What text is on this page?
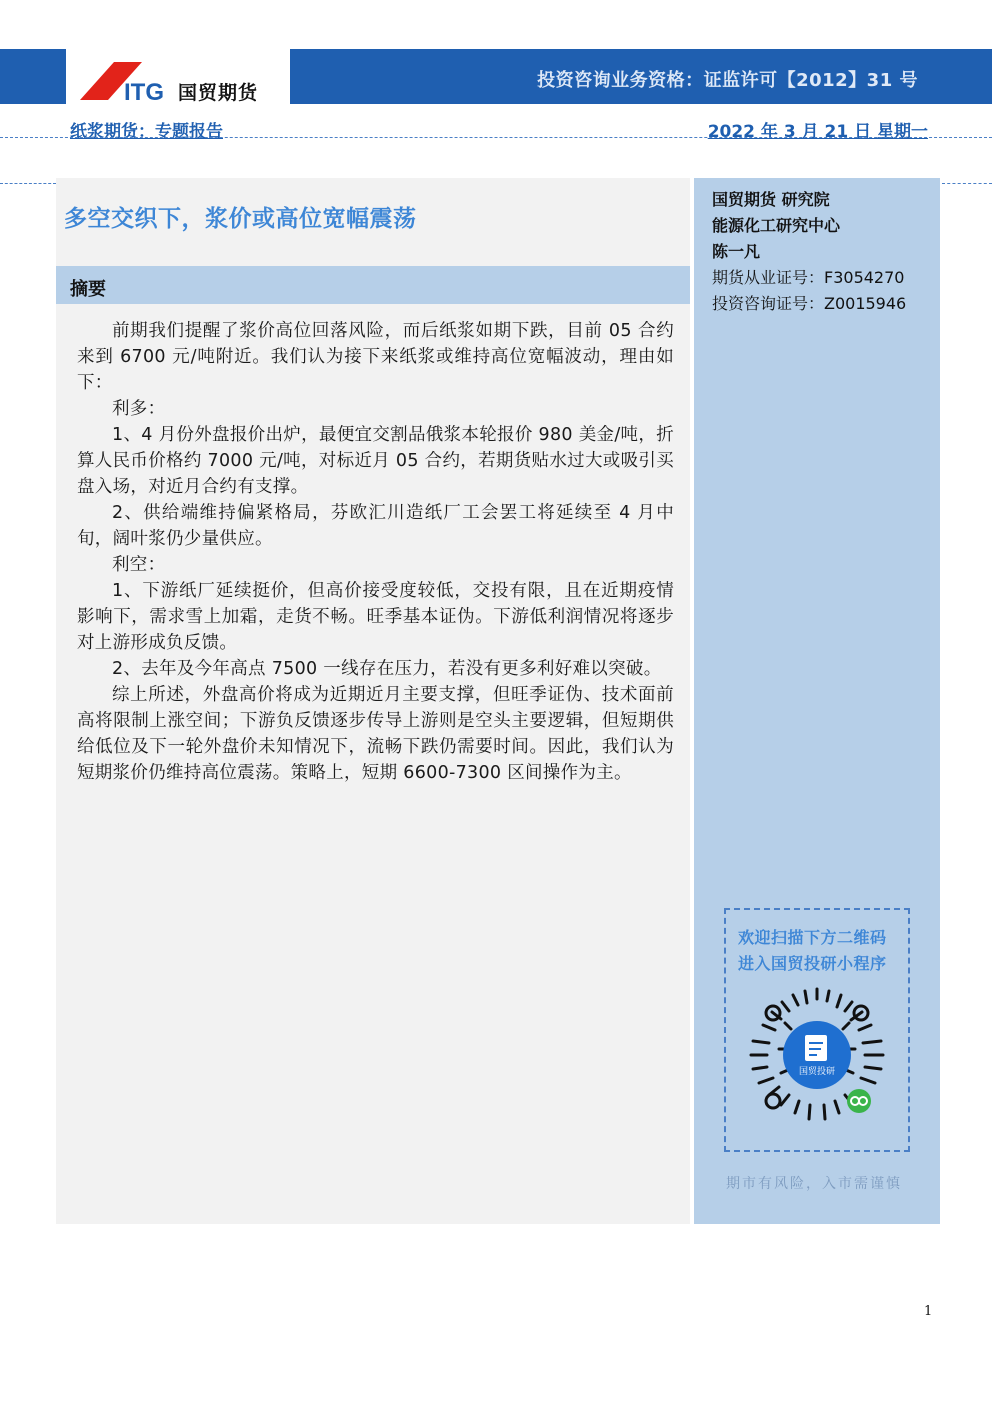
ITG 国贸期货
投资咨询业务资格：证监许可【2012】31 号
纸浆期货：专题报告	2022 年 3 月 21 日 星期一
多空交织下，浆价或高位宽幅震荡
摘要

前期我们提醒了浆价高位回落风险，而后纸浆如期下跌，目前 05 合约来到 6700 元/吨附近。我们认为接下来纸浆或维持高位宽幅波动，理由如下：

利多：

1、4 月份外盘报价出炉，最便宜交割品俄浆本轮报价 980 美金/吨，折算人民币价格约 7000 元/吨，对标近月 05 合约，若期货贴水过大或吸引买盘入场，对近月合约有支撑。

2、供给端维持偏紧格局，芬欧汇川造纸厂工会罢工将延续至 4 月中旬，阔叶浆仍少量供应。

利空：

1、下游纸厂延续挺价，但高价接受度较低，交投有限，且在近期疫情影响下，需求雪上加霜，走货不畅。旺季基本证伪。下游低利润情况将逐步对上游形成负反馈。

2、去年及今年高点 7500 一线存在压力，若没有更多利好难以突破。

综上所述，外盘高价将成为近期近月主要支撑，但旺季证伪、技术面前高将限制上涨空间；下游负反馈逐步传导上游则是空头主要逻辑，但短期供给低位及下一轮外盘价未知情况下，流畅下跌仍需要时间。因此，我们认为短期浆价仍维持高位震荡。策略上，短期 6600-7300 区间操作为主。

国贸期货 研究院
能源化工研究中心
陈一凡
期货从业证号：F3054270
投资咨询证号：Z0015946
欢迎扫描下方二维码
进入国贸投研小程序
国贸投研
期市有风险，入市需谨慎
1
